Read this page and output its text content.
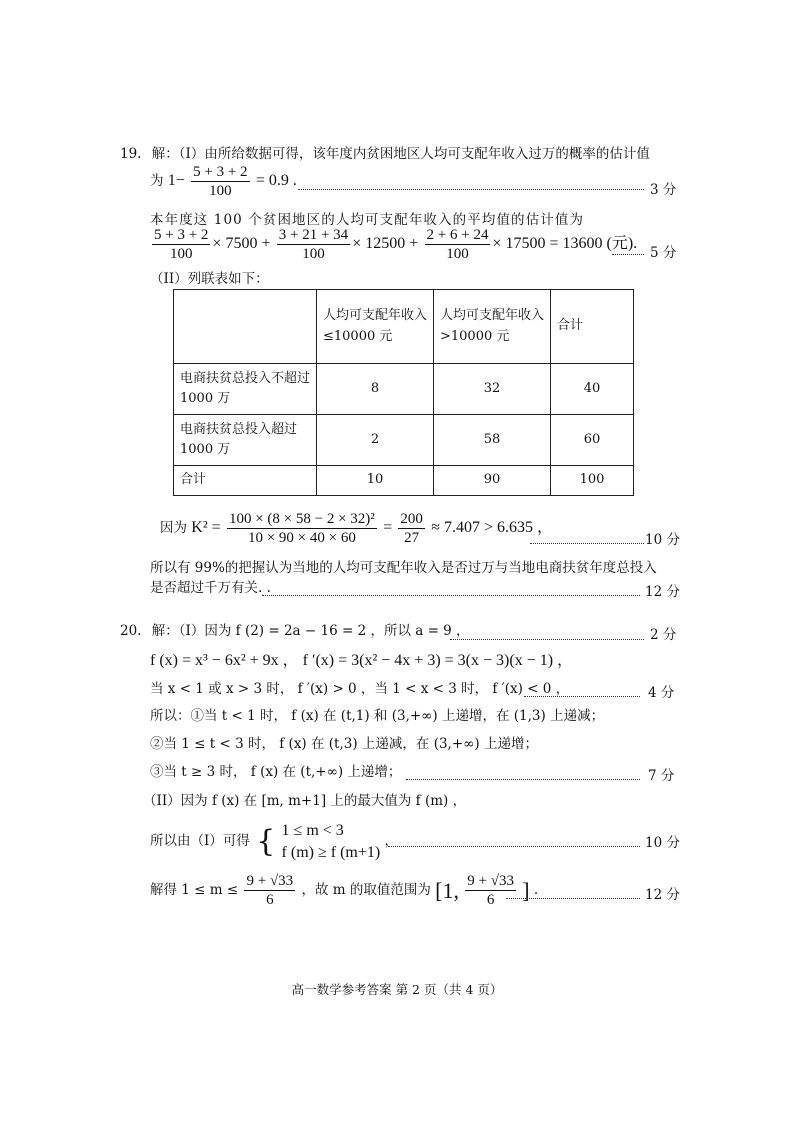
19. 解：（I）由所给数据可得，该年度内贫困地区人均可支配年收入过万的概率的估计值
为 $1- \frac{5 + 3 + 2}{100} = 0.9$ .
3 分
本年度这 100 个贫困地区的人均可支配年收入的平均值的估计值为
$\frac{5 + 3 + 2}{100} \times 7500 + \frac{3 + 21 + 34}{100} \times 12500 + \frac{2 + 6 + 24}{100} \times 17500 = 13600$ (元).
5 分
（II）列联表如下：
	人均可支配年收入≤10000 元	人均可支配年收入>10000 元	合计
电商扶贫总投入不超过 1000 万	8	32	40
电商扶贫总投入超过 1000 万	2	58	60
合计	10	90	100
因为 $K^2 = \frac{\text{100 × (8 × 58 − 2 × 32)²}}{10 \times 90 \times 40 \times 60} = \frac{200}{27} \approx 7.407 > 6.635$ ，
10 分
所以有 99%的把握认为当地的人均可支配年收入是否过万与当地电商扶贫年度总投入
是否超过千万有关. .	12 分
20. 解：（I）因为 f (2) = 2a − 16 = 2 ，所以 a = 9 ，	2 分
f (x) = x³ − 6x² + 9x ， f ′(x) = 3(x² − 4x + 3) = 3(x − 3)(x − 1) ，
当 x < 1 或 x > 3 时， f ′(x) > 0 ，当 1 < x < 3 时， f ′(x) < 0 ，	4 分
所以：①当 t < 1 时， f (x) 在 (t,1) 和 (3,+∞) 上递增，在 (1,3) 上递减；
②当 1 ≤ t < 3 时， f (x) 在 (t,3) 上递减，在 (3,+∞) 上递增；
③当 t ≥ 3 时， f (x) 在 (t,+∞) 上递增；	7 分
（II）因为 f (x) 在 [m, m+1] 上的最大值为 f (m) ，
所以由（I）可得 { 1 ≤ m < 3
f (m) ≥ f (m+1)
，	10 分
解得 $1 \le m \le \frac{9 + √33}{6}$ ，故 m 的取值范围为 [1, $\frac{9 + √33}{6}$ ] .	12 分
高一数学参考答案 第 2 页（共 4 页）
